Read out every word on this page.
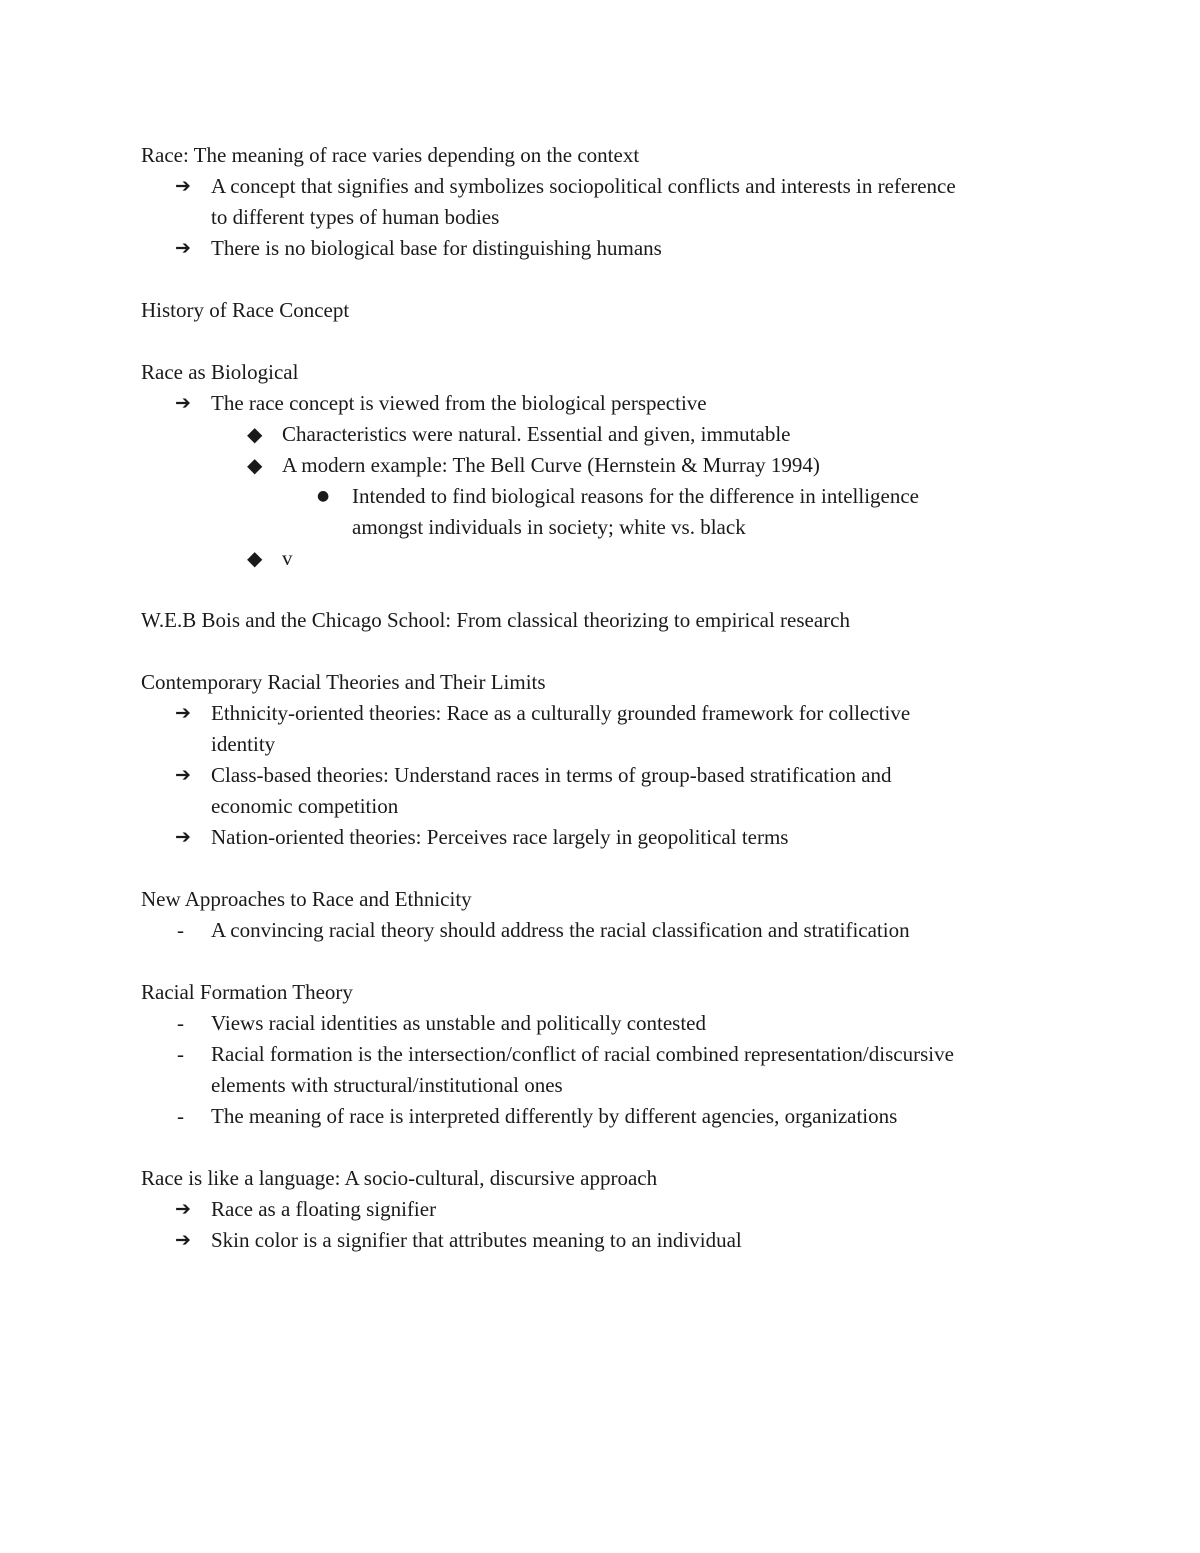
Race: The meaning of race varies depending on the context
➔ A concept that signifies and symbolizes sociopolitical conflicts and interests in reference
to different types of human bodies
➔ There is no biological base for distinguishing humans
History of Race Concept
Race as Biological
➔ The race concept is viewed from the biological perspective
◆ Characteristics were natural. Essential and given, immutable
◆ A modern example: The Bell Curve (Hernstein & Murray 1994)
● Intended to find biological reasons for the difference in intelligence
amongst individuals in society; white vs. black
◆ v
W.E.B Bois and the Chicago School: From classical theorizing to empirical research
Contemporary Racial Theories and Their Limits
➔ Ethnicity-oriented theories: Race as a culturally grounded framework for collective
identity
➔ Class-based theories: Understand races in terms of group-based stratification and
economic competition
➔ Nation-oriented theories: Perceives race largely in geopolitical terms
New Approaches to Race and Ethnicity
- A convincing racial theory should address the racial classification and stratification
Racial Formation Theory
- Views racial identities as unstable and politically contested
- Racial formation is the intersection/conflict of racial combined representation/discursive
elements with structural/institutional ones
- The meaning of race is interpreted differently by different agencies, organizations
Race is like a language: A socio-cultural, discursive approach
➔ Race as a floating signifier
➔ Skin color is a signifier that attributes meaning to an individual
